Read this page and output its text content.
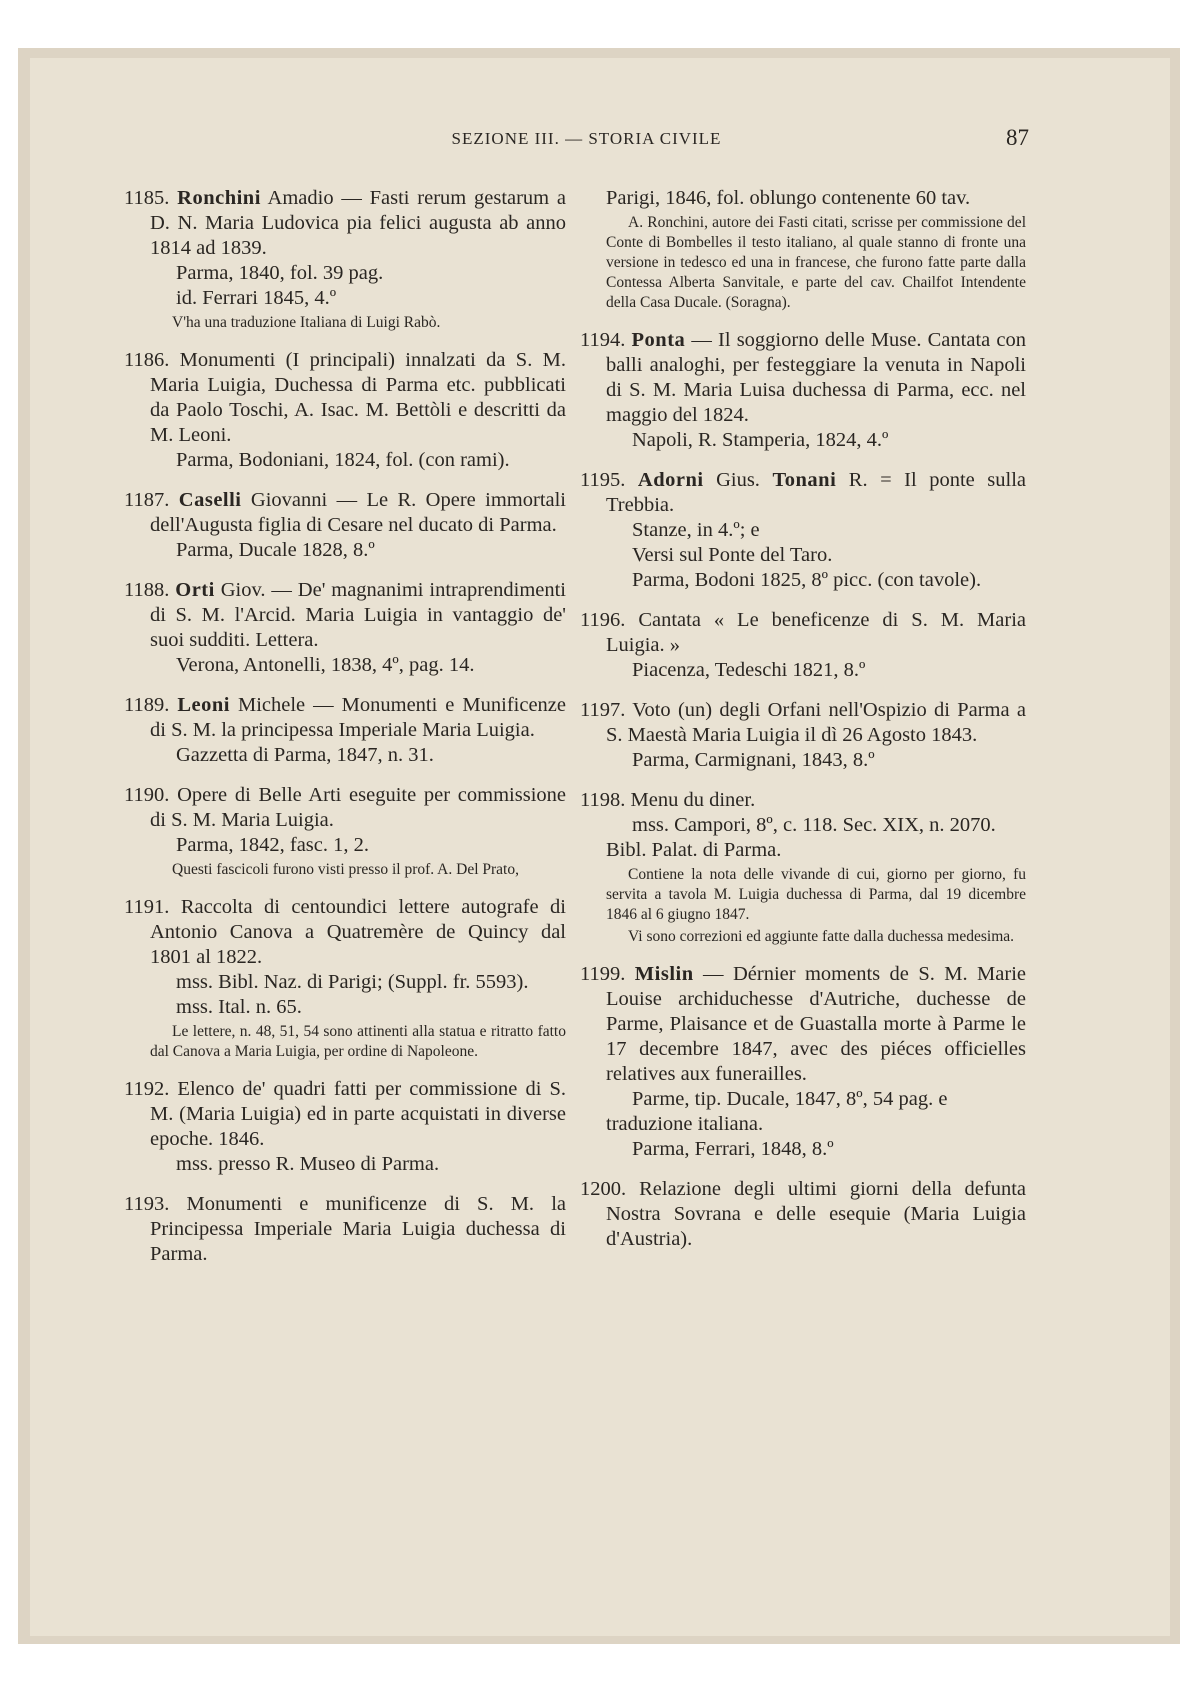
SEZIONE III. — STORIA CIVILE	87

1185. Ronchini Amadio — Fasti rerum gestarum a D. N. Maria Ludovica pia felici augusta ab anno 1814 ad 1839.

Parma, 1840, fol. 39 pag.

id. Ferrari 1845, 4.º

V'ha una traduzione Italiana di Luigi Rabò.

1186. Monumenti (I principali) innalzati da S. M. Maria Luigia, Duchessa di Parma etc. pubblicati da Paolo Toschi, A. Isac. M. Bettòli e descritti da M. Leoni.

Parma, Bodoniani, 1824, fol. (con rami).

1187. Caselli Giovanni — Le R. Opere immortali dell'Augusta figlia di Cesare nel ducato di Parma.

Parma, Ducale 1828, 8.º

1188. Orti Giov. — De' magnanimi intraprendimenti di S. M. l'Arcid. Maria Luigia in vantaggio de' suoi sudditi. Lettera.

Verona, Antonelli, 1838, 4º, pag. 14.

1189. Leoni Michele — Monumenti e Munificenze di S. M. la principessa Imperiale Maria Luigia.

Gazzetta di Parma, 1847, n. 31.

1190. Opere di Belle Arti eseguite per commissione di S. M. Maria Luigia.

Parma, 1842, fasc. 1, 2.

Questi fascicoli furono visti presso il prof. A. Del Prato,

1191. Raccolta di centoundici lettere autografe di Antonio Canova a Quatremère de Quincy dal 1801 al 1822.

mss. Bibl. Naz. di Parigi; (Suppl. fr. 5593).

mss. Ital. n. 65.

Le lettere, n. 48, 51, 54 sono attinenti alla statua e ritratto fatto dal Canova a Maria Luigia, per ordine di Napoleone.

1192. Elenco de' quadri fatti per commissione di S. M. (Maria Luigia) ed in parte acquistati in diverse epoche. 1846.

mss. presso R. Museo di Parma.

1193. Monumenti e munificenze di S. M. la Principessa Imperiale Maria Luigia duchessa di Parma.

Parigi, 1846, fol. oblungo contenente 60 tav.

A. Ronchini, autore dei Fasti citati, scrisse per commissione del Conte di Bombelles il testo italiano, al quale stanno di fronte una versione in tedesco ed una in francese, che furono fatte parte dalla Contessa Alberta Sanvitale, e parte del cav. Chailfot Intendente della Casa Ducale. (Soragna).

1194. Ponta — Il soggiorno delle Muse. Cantata con balli analoghi, per festeggiare la venuta in Napoli di S. M. Maria Luisa duchessa di Parma, ecc. nel maggio del 1824.

Napoli, R. Stamperia, 1824, 4.º

1195. Adorni Gius. Tonani R. = Il ponte sulla Trebbia.

Stanze, in 4.º; e

Versi sul Ponte del Taro.

Parma, Bodoni 1825, 8º picc. (con tavole).

1196. Cantata « Le beneficenze di S. M. Maria Luigia. »

Piacenza, Tedeschi 1821, 8.º

1197. Voto (un) degli Orfani nell'Ospizio di Parma a S. Maestà Maria Luigia il dì 26 Agosto 1843.

Parma, Carmignani, 1843, 8.º

1198. Menu du diner.

mss. Campori, 8º, c. 118. Sec. XIX, n. 2070. Bibl. Palat. di Parma.

Contiene la nota delle vivande di cui, giorno per giorno, fu servita a tavola M. Luigia duchessa di Parma, dal 19 dicembre 1846 al 6 giugno 1847.

Vi sono correzioni ed aggiunte fatte dalla duchessa medesima.

1199. Mislin — Dérnier moments de S. M. Marie Louise archiduchesse d'Autriche, duchesse de Parme, Plaisance et de Guastalla morte à Parme le 17 decembre 1847, avec des piéces officielles relatives aux funerailles.

Parme, tip. Ducale, 1847, 8º, 54 pag. e traduzione italiana.

Parma, Ferrari, 1848, 8.º

1200. Relazione degli ultimi giorni della defunta Nostra Sovrana e delle esequie (Maria Luigia d'Austria).
